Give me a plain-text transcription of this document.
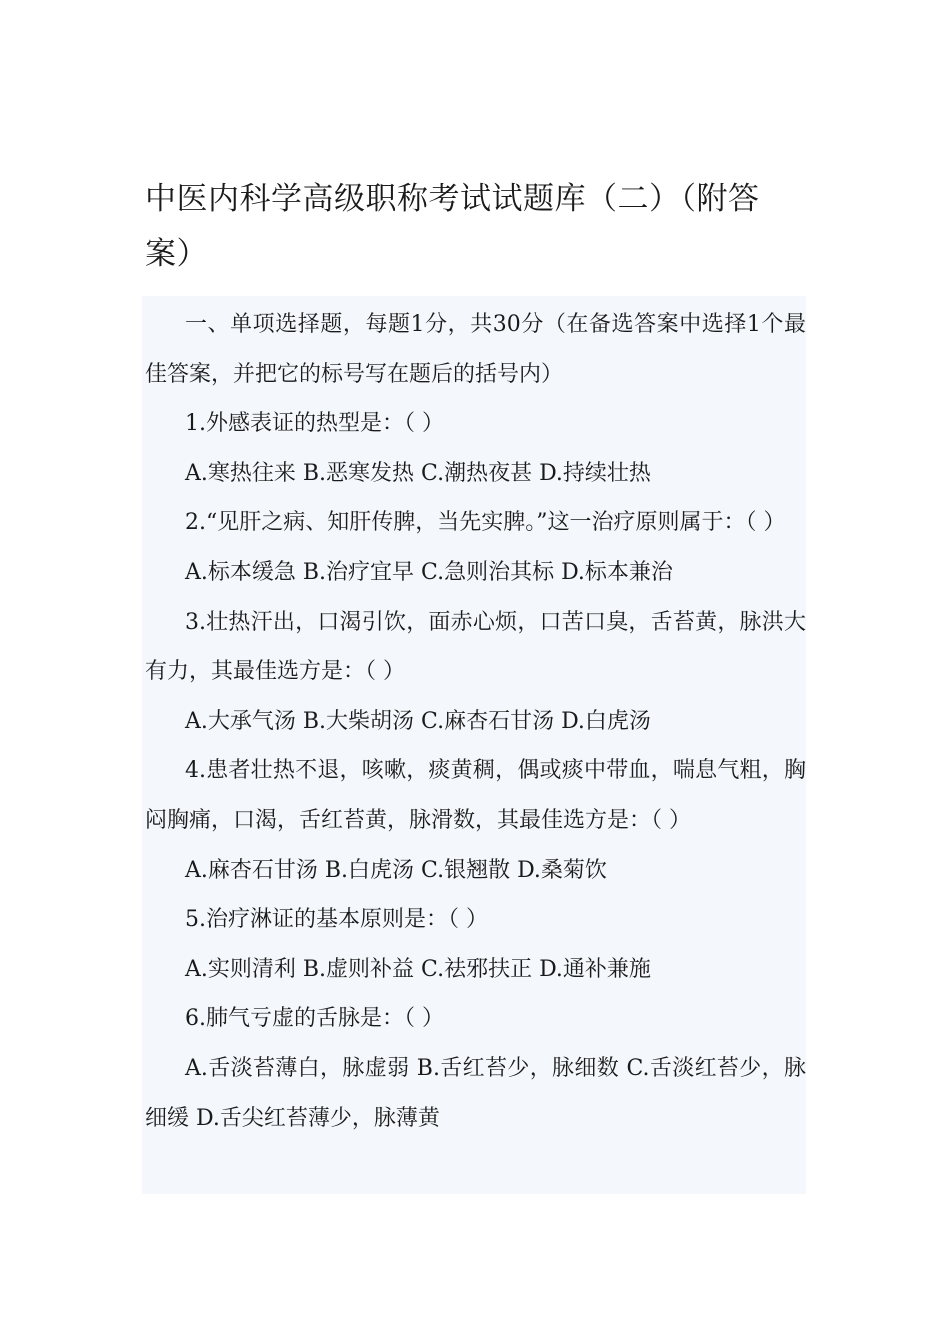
中医内科学高级职称考试试题库（二）（附答案）

一、单项选择题，每题1分，共30分（在备选答案中选择1个最佳答案，并把它的标号写在题后的括号内）

1.外感表证的热型是：（ ）

A.寒热往来 B.恶寒发热 C.潮热夜甚 D.持续壮热

2.“见肝之病、知肝传脾，当先实脾。”这一治疗原则属于：（ ）

A.标本缓急 B.治疗宜早 C.急则治其标 D.标本兼治

3.壮热汗出，口渴引饮，面赤心烦，口苦口臭，舌苔黄，脉洪大有力，其最佳选方是：（ ）

A.大承气汤 B.大柴胡汤 C.麻杏石甘汤 D.白虎汤

4.患者壮热不退，咳嗽，痰黄稠，偶或痰中带血，喘息气粗，胸闷胸痛，口渴，舌红苔黄，脉滑数，其最佳选方是：（ ）

A.麻杏石甘汤 B.白虎汤 C.银翘散 D.桑菊饮

5.治疗淋证的基本原则是：（ ）

A.实则清利 B.虚则补益 C.祛邪扶正 D.通补兼施

6.肺气亏虚的舌脉是：（ ）

A.舌淡苔薄白，脉虚弱 B.舌红苔少，脉细数 C.舌淡红苔少，脉细缓 D.舌尖红苔薄少，脉薄黄
